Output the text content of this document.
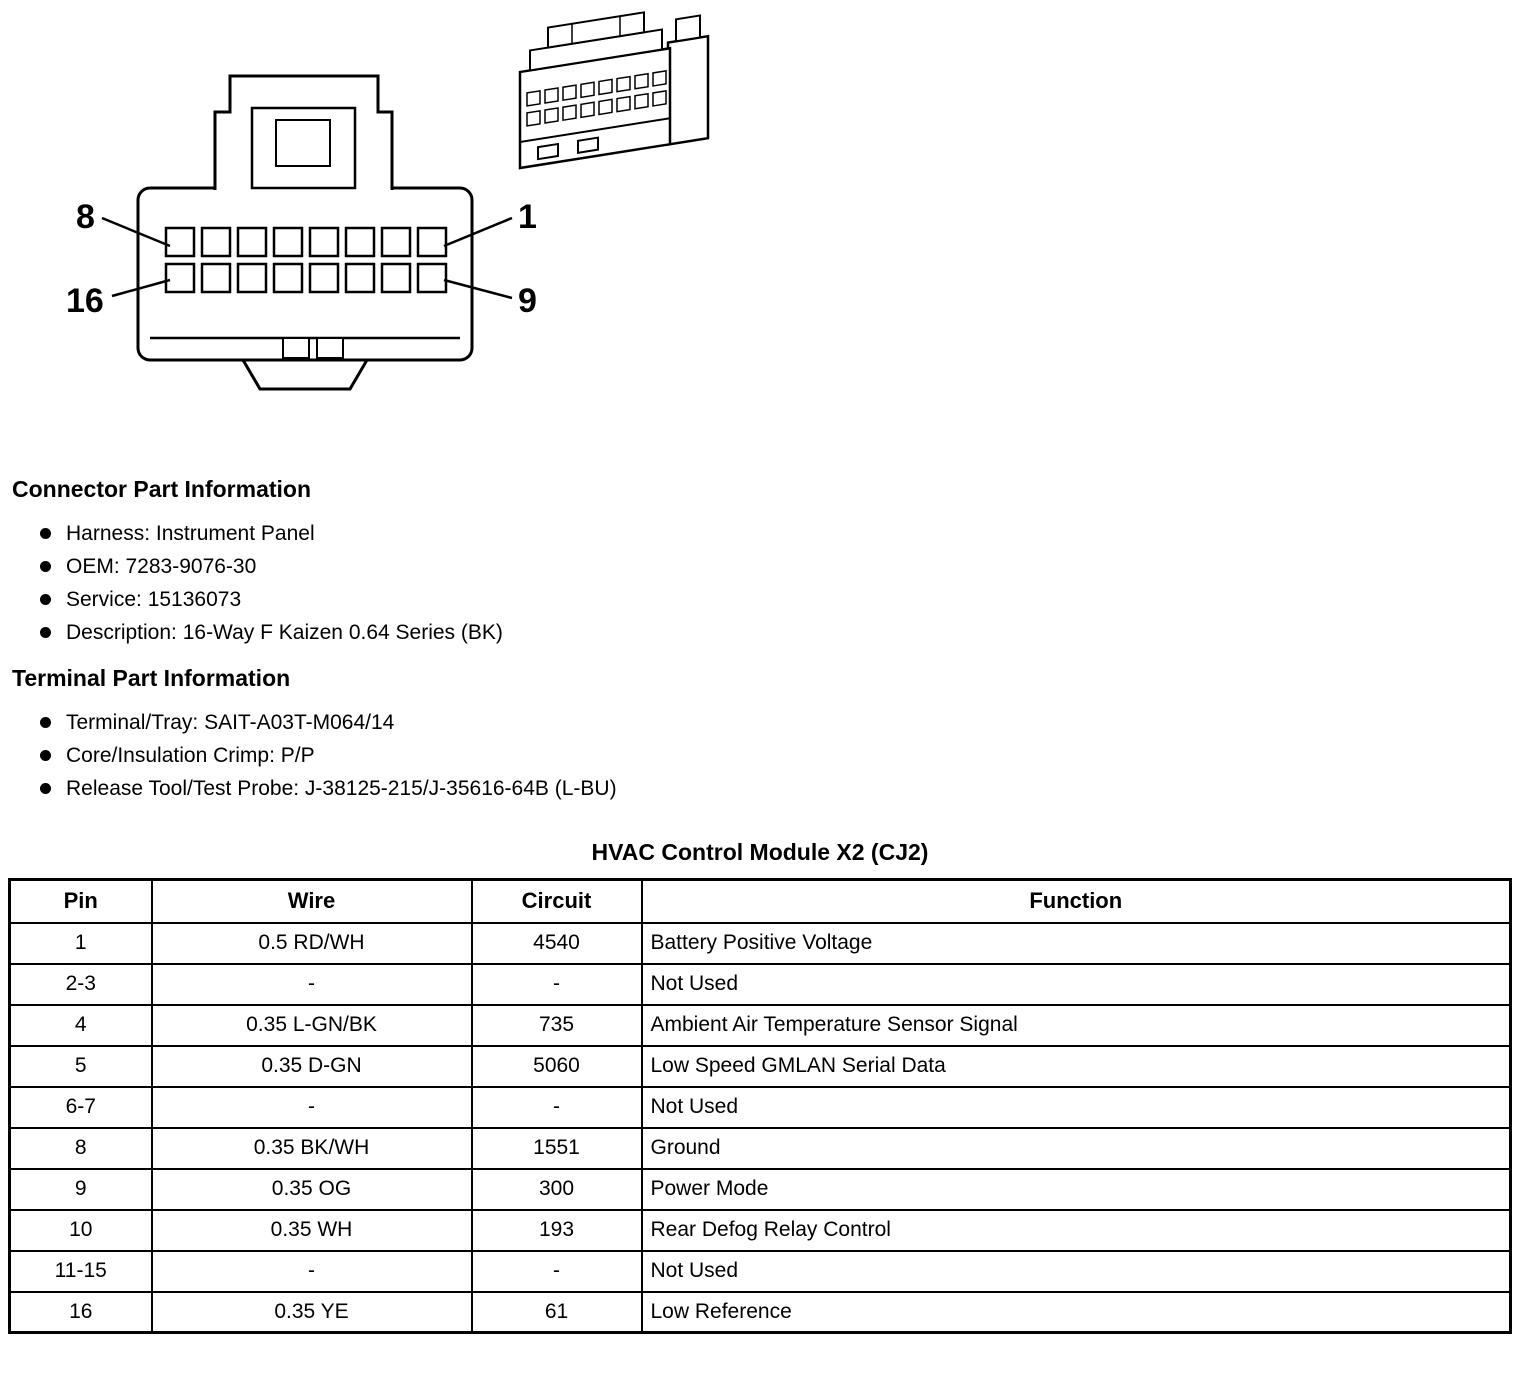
8	1
16	9
Connector Part Information
Harness: Instrument Panel
OEM: 7283-9076-30
Service: 15136073
Description: 16-Way F Kaizen 0.64 Series (BK)
Terminal Part Information
Terminal/Tray: SAIT-A03T-M064/14
Core/Insulation Crimp: P/P
Release Tool/Test Probe: J-38125-215/J-35616-64B (L-BU)
HVAC Control Module X2 (CJ2)
Pin	Wire	Circuit	Function
1	0.5 RD/WH	4540	Battery Positive Voltage
2-3	-	-	Not Used
4	0.35 L-GN/BK	735	Ambient Air Temperature Sensor Signal
5	0.35 D-GN	5060	Low Speed GMLAN Serial Data
6-7	-	-	Not Used
8	0.35 BK/WH	1551	Ground
9	0.35 OG	300	Power Mode
10	0.35 WH	193	Rear Defog Relay Control
11-15	-	-	Not Used
16	0.35 YE	61	Low Reference
